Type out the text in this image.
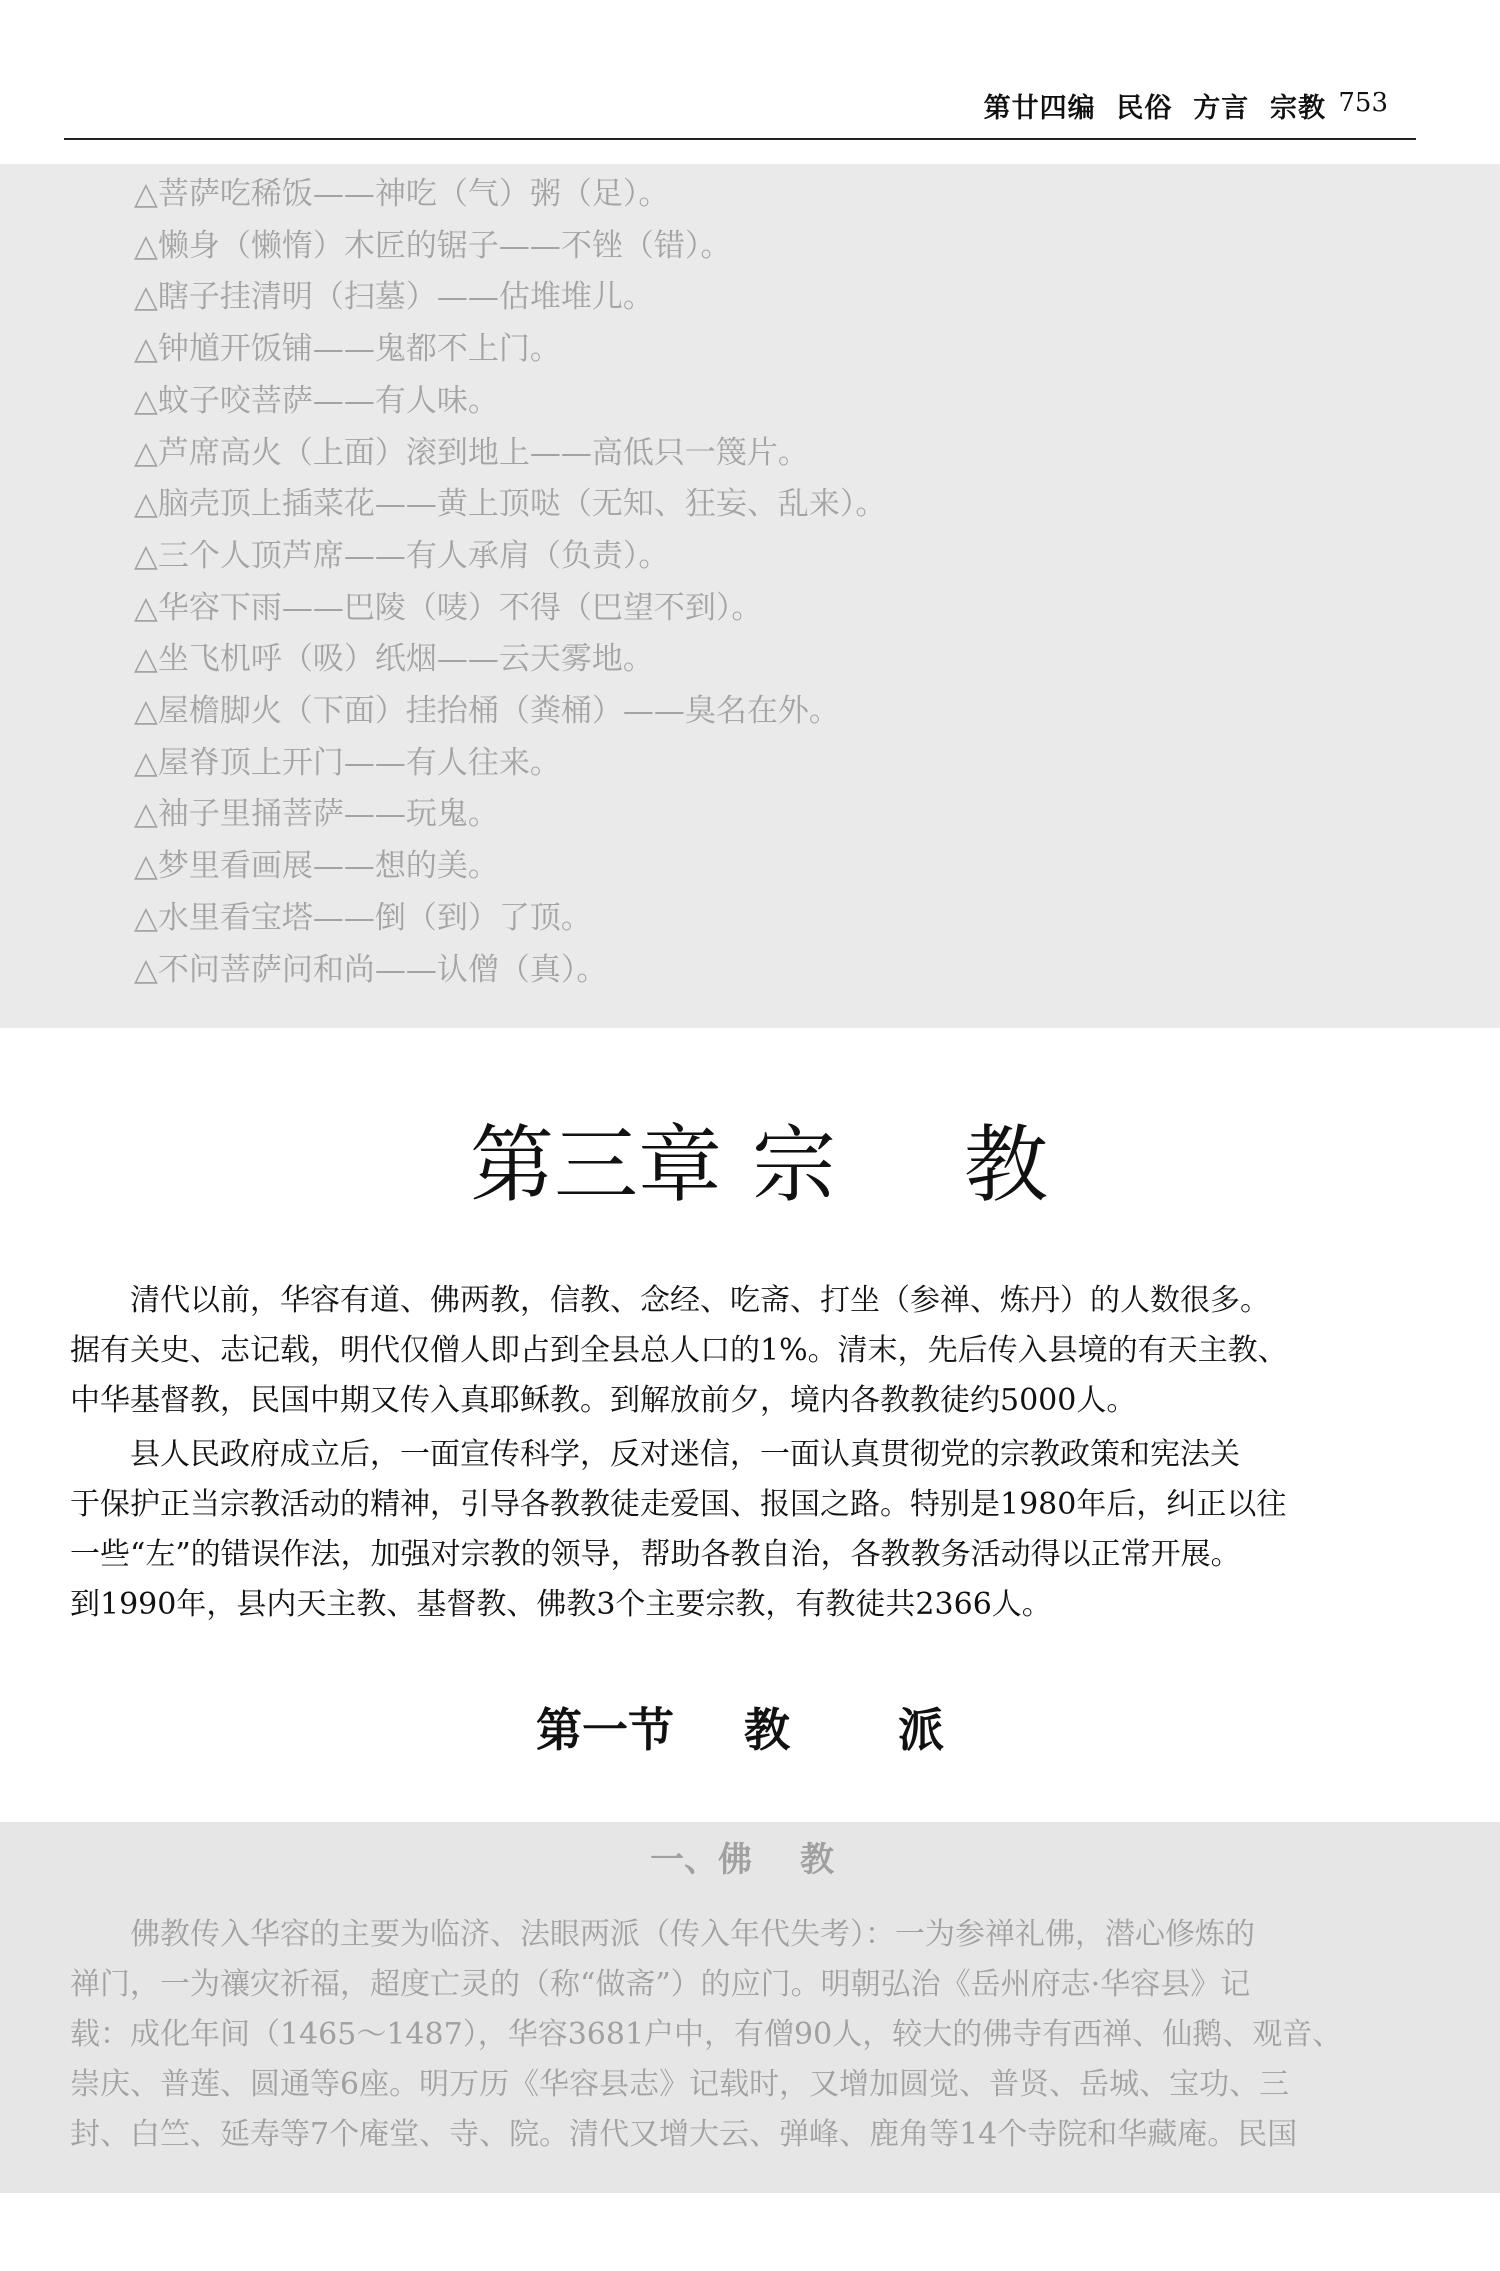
第廿四编  民俗  方言  宗教 753
△菩萨吃稀饭——神吃（气）粥（足）。
△懒身（懒惰）木匠的锯子——不锉（错）。
△瞎子挂清明（扫墓）——估堆堆儿。
△钟馗开饭铺——鬼都不上门。
△蚊子咬菩萨——有人味。
△芦席高火（上面）滚到地上——高低只一篾片。
△脑壳顶上插菜花——黄上顶哒（无知、狂妄、乱来）。
△三个人顶芦席——有人承肩（负责）。
△华容下雨——巴陵（唛）不得（巴望不到）。
△坐飞机呼（吸）纸烟——云天雾地。
△屋檐脚火（下面）挂抬桶（粪桶）——臭名在外。
△屋脊顶上开门——有人往来。
△袖子里捅菩萨——玩鬼。
△梦里看画展——想的美。
△水里看宝塔——倒（到）了顶。
△不问菩萨问和尚——认僧（真）。
第三章 宗 教

　　清代以前，华容有道、佛两教，信教、念经、吃斋、打坐（参禅、炼丹）的人数很多。
据有关史、志记载，明代仅僧人即占到全县总人口的1%。清末，先后传入县境的有天主教、
中华基督教，民国中期又传入真耶稣教。到解放前夕，境内各教教徒约5000人。

　　县人民政府成立后，一面宣传科学，反对迷信，一面认真贯彻党的宗教政策和宪法关
于保护正当宗教活动的精神，引导各教教徒走爱国、报国之路。特别是1980年后，纠正以往
一些“左”的错误作法，加强对宗教的领导，帮助各教自治，各教教务活动得以正常开展。
到1990年，县内天主教、基督教、佛教3个主要宗教，有教徒共2366人。

第一节 教 派
一、佛 教

　　佛教传入华容的主要为临济、法眼两派（传入年代失考）：一为参禅礼佛，潜心修炼的
禅门，一为禳灾祈福，超度亡灵的（称“做斋”）的应门。明朝弘治《岳州府志·华容县》记
载：成化年间（1465～1487），华容3681户中，有僧90人，较大的佛寺有西禅、仙鹅、观音、
崇庆、普莲、圆通等6座。明万历《华容县志》记载时，又增加圆觉、普贤、岳城、宝功、三
封、白竺、延寿等7个庵堂、寺、院。清代又增大云、弹峰、鹿角等14个寺院和华藏庵。民国
